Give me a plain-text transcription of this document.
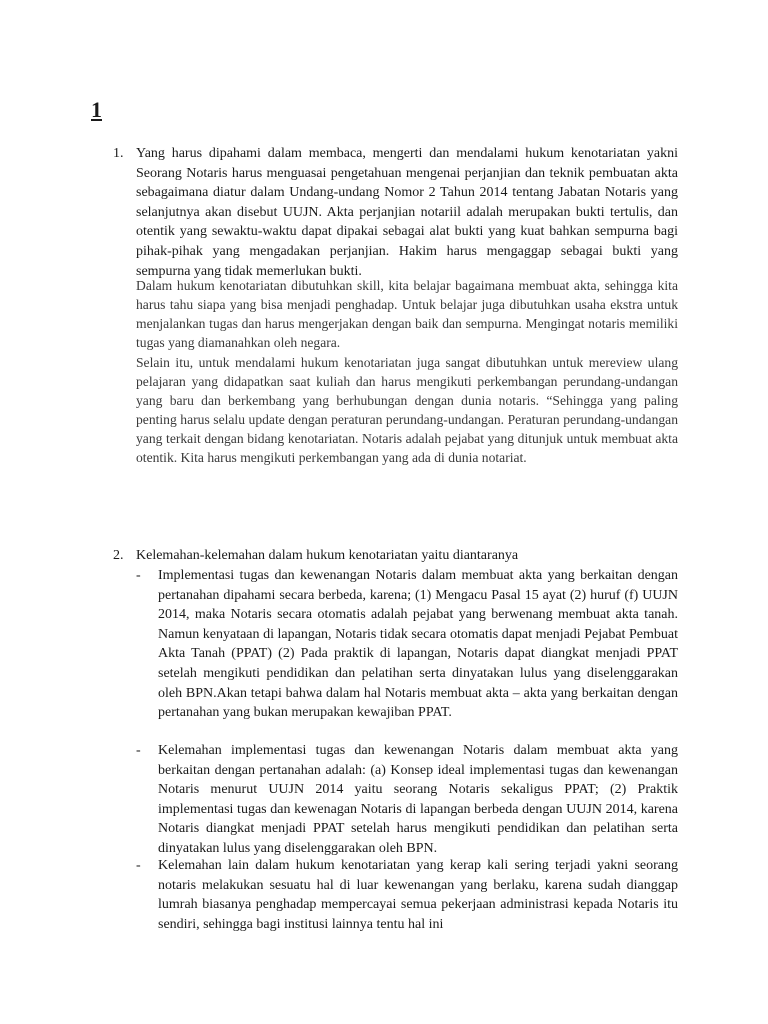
1
1. Yang harus dipahami dalam membaca, mengerti dan mendalami hukum kenotariatan yakni Seorang Notaris harus menguasai pengetahuan mengenai perjanjian dan teknik pembuatan akta sebagaimana diatur dalam Undang-undang Nomor 2 Tahun 2014 tentang Jabatan Notaris yang selanjutnya akan disebut UUJN. Akta perjanjian notariil adalah merupakan bukti tertulis, dan otentik yang sewaktu-waktu dapat dipakai sebagai alat bukti yang kuat bahkan sempurna bagi pihak-pihak yang mengadakan perjanjian. Hakim harus mengaggap sebagai bukti yang sempurna yang tidak memerlukan bukti.

Dalam hukum kenotariatan dibutuhkan skill, kita belajar bagaimana membuat akta, sehingga kita harus tahu siapa yang bisa menjadi penghadap. Untuk belajar juga dibutuhkan usaha ekstra untuk menjalankan tugas dan harus mengerjakan dengan baik dan sempurna. Mengingat notaris memiliki tugas yang diamanahkan oleh negara.

Selain itu, untuk mendalami hukum kenotariatan juga sangat dibutuhkan untuk mereview ulang pelajaran yang didapatkan saat kuliah dan harus mengikuti perkembangan perundang-undangan yang baru dan berkembang yang berhubungan dengan dunia notaris. “Sehingga yang paling penting harus selalu update dengan peraturan perundang-undangan. Peraturan perundang-undangan yang terkait dengan bidang kenotariatan. Notaris adalah pejabat yang ditunjuk untuk membuat akta otentik. Kita harus mengikuti perkembangan yang ada di dunia notariat.

2. Kelemahan-kelemahan dalam hukum kenotariatan yaitu diantaranya

- Implementasi tugas dan kewenangan Notaris dalam membuat akta yang berkaitan dengan pertanahan dipahami secara berbeda, karena; (1) Mengacu Pasal 15 ayat (2) huruf (f) UUJN 2014, maka Notaris secara otomatis adalah pejabat yang berwenang membuat akta tanah. Namun kenyataan di lapangan, Notaris tidak secara otomatis dapat menjadi Pejabat Pembuat Akta Tanah (PPAT) (2) Pada praktik di lapangan, Notaris dapat diangkat menjadi PPAT setelah mengikuti pendidikan dan pelatihan serta dinyatakan lulus yang diselenggarakan oleh BPN.Akan tetapi bahwa dalam hal Notaris membuat akta – akta yang berkaitan dengan pertanahan yang bukan merupakan kewajiban PPAT.

- Kelemahan implementasi tugas dan kewenangan Notaris dalam membuat akta yang berkaitan dengan pertanahan adalah: (a) Konsep ideal implementasi tugas dan kewenangan Notaris menurut UUJN 2014 yaitu seorang Notaris sekaligus PPAT; (2) Praktik implementasi tugas dan kewenagan Notaris di lapangan berbeda dengan UUJN 2014, karena Notaris diangkat menjadi PPAT setelah harus mengikuti pendidikan dan pelatihan serta dinyatakan lulus yang diselenggarakan oleh BPN.

- Kelemahan lain dalam hukum kenotariatan yang kerap kali sering terjadi yakni seorang notaris melakukan sesuatu hal di luar kewenangan yang berlaku, karena sudah dianggap lumrah biasanya penghadap mempercayai semua pekerjaan administrasi kepada Notaris itu sendiri, sehingga bagi institusi lainnya tentu hal ini
